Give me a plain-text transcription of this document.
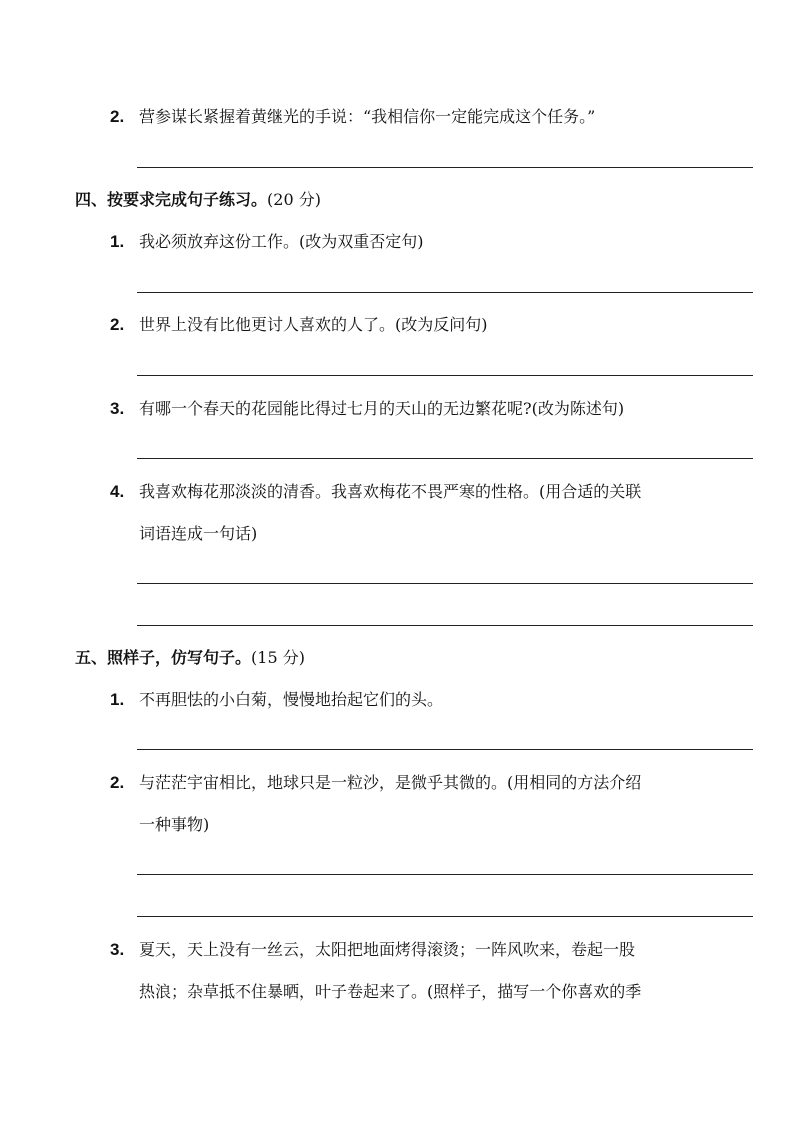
2. 营参谋长紧握着黄继光的手说：“我相信你一定能完成这个任务。”
四、按要求完成句子练习。(20 分)
1. 我必须放弃这份工作。(改为双重否定句)
2. 世界上没有比他更讨人喜欢的人了。(改为反问句)
3. 有哪一个春天的花园能比得过七月的天山的无边繁花呢?(改为陈述句)
4. 我喜欢梅花那淡淡的清香。我喜欢梅花不畏严寒的性格。(用合适的关联
词语连成一句话)
五、照样子，仿写句子。(15 分)
1. 不再胆怯的小白菊，慢慢地抬起它们的头。
2. 与茫茫宇宙相比，地球只是一粒沙，是微乎其微的。(用相同的方法介绍
一种事物)
3. 夏天，天上没有一丝云，太阳把地面烤得滚烫；一阵风吹来，卷起一股
热浪；杂草抵不住暴晒，叶子卷起来了。(照样子，描写一个你喜欢的季
